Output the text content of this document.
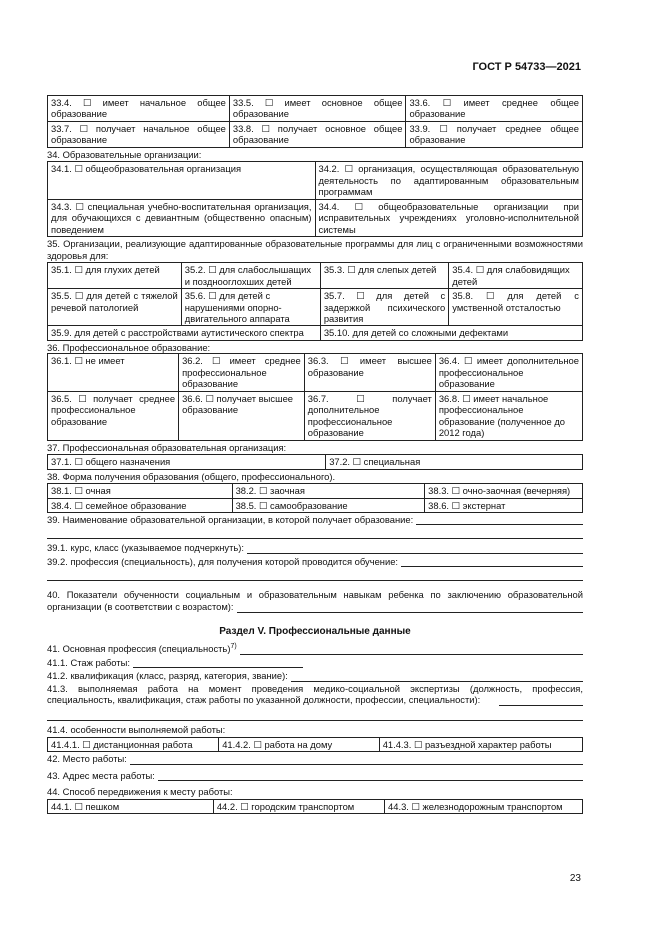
ГОСТ Р 54733—2021
33.4. ☐ имеет начальное общее образование	33.5. ☐ имеет основное общее образование	33.6. ☐ имеет среднее общее образование
33.7. ☐ получает начальное общее образование	33.8. ☐ получает основное общее образование	33.9. ☐ получает среднее общее образование
34. Образовательные организации:
34.1. ☐ общеобразовательная организация	34.2. ☐ организация, осуществляющая образовательную деятельность по адаптированным образовательным программам
34.3. ☐ специальная учебно-воспитательная организация, для обучающихся с девиантным (общественно опасным) поведением	34.4. ☐ общеобразовательные организации при исправительных учреждениях уголовно-исполнительной системы
35. Организации, реализующие адаптированные образовательные программы для лиц с ограниченными возможностями здоровья для:
35.1. ☐ для глухих детей	35.2. ☐ для слабослышащих и позднооглохших детей	35.3. ☐ для слепых детей	35.4. ☐ для слабовидящих детей
35.5. ☐ для детей с тяжелой речевой патологией	35.6. ☐ для детей с нарушениями опорно-двигательного аппарата	35.7. ☐ для детей с задержкой психического развития	35.8. ☐ для детей с умственной отсталостью
35.9. для детей с расстройствами аутистического спектра		35.10. для детей со сложными дефектами	
36. Профессиональное образование:
36.1. ☐ не имеет	36.2. ☐ имеет среднее профессиональное образование	36.3. ☐ имеет высшее образование	36.4. ☐ имеет дополнительное профессиональное образование
36.5. ☐ получает среднее профессиональное образование	36.6. ☐ получает высшее образование	36.7. ☐ получает дополнительное профессиональное образование	36.8. ☐ имеет начальное профессиональное образование (полученное до 2012 года)
37. Профессиональная образовательная организация:
37.1. ☐ общего назначения	37.2. ☐ специальная
38. Форма получения образования (общего, профессионального).
38.1. ☐ очная	38.2. ☐ заочная	38.3. ☐ очно-заочная (вечерняя)
38.4. ☐ семейное образование	38.5. ☐ самообразование	38.6. ☐ экстернат
39. Наименование образовательной организации, в которой получает образование:
39.1. курс, класс (указываемое подчеркнуть):
39.2. профессия (специальность), для получения которой проводится обучение:
40. Показатели обученности социальным и образовательным навыкам ребенка по заключению образовательной организации (в соответствии с возрастом):
Раздел V. Профессиональные данные
41. Основная профессия (специальность)$^{7)}$
41.1. Стаж работы:
41.2. квалификация (класс, разряд, категория, звание):
41.3. выполняемая работа на момент проведения медико-социальной экспертизы (должность, профессия, специальность, квалификация, стаж работы по указанной должности, профессии, специальности):
41.4. особенности выполняемой работы:
41.4.1. ☐ дистанционная работа	41.4.2. ☐ работа на дому	41.4.3. ☐ разъездной характер работы
42. Место работы:
43. Адрес места работы:
44. Способ передвижения к месту работы:
44.1. ☐ пешком	44.2. ☐ городским транспортом	44.3. ☐ железнодорожным транспортом
23
